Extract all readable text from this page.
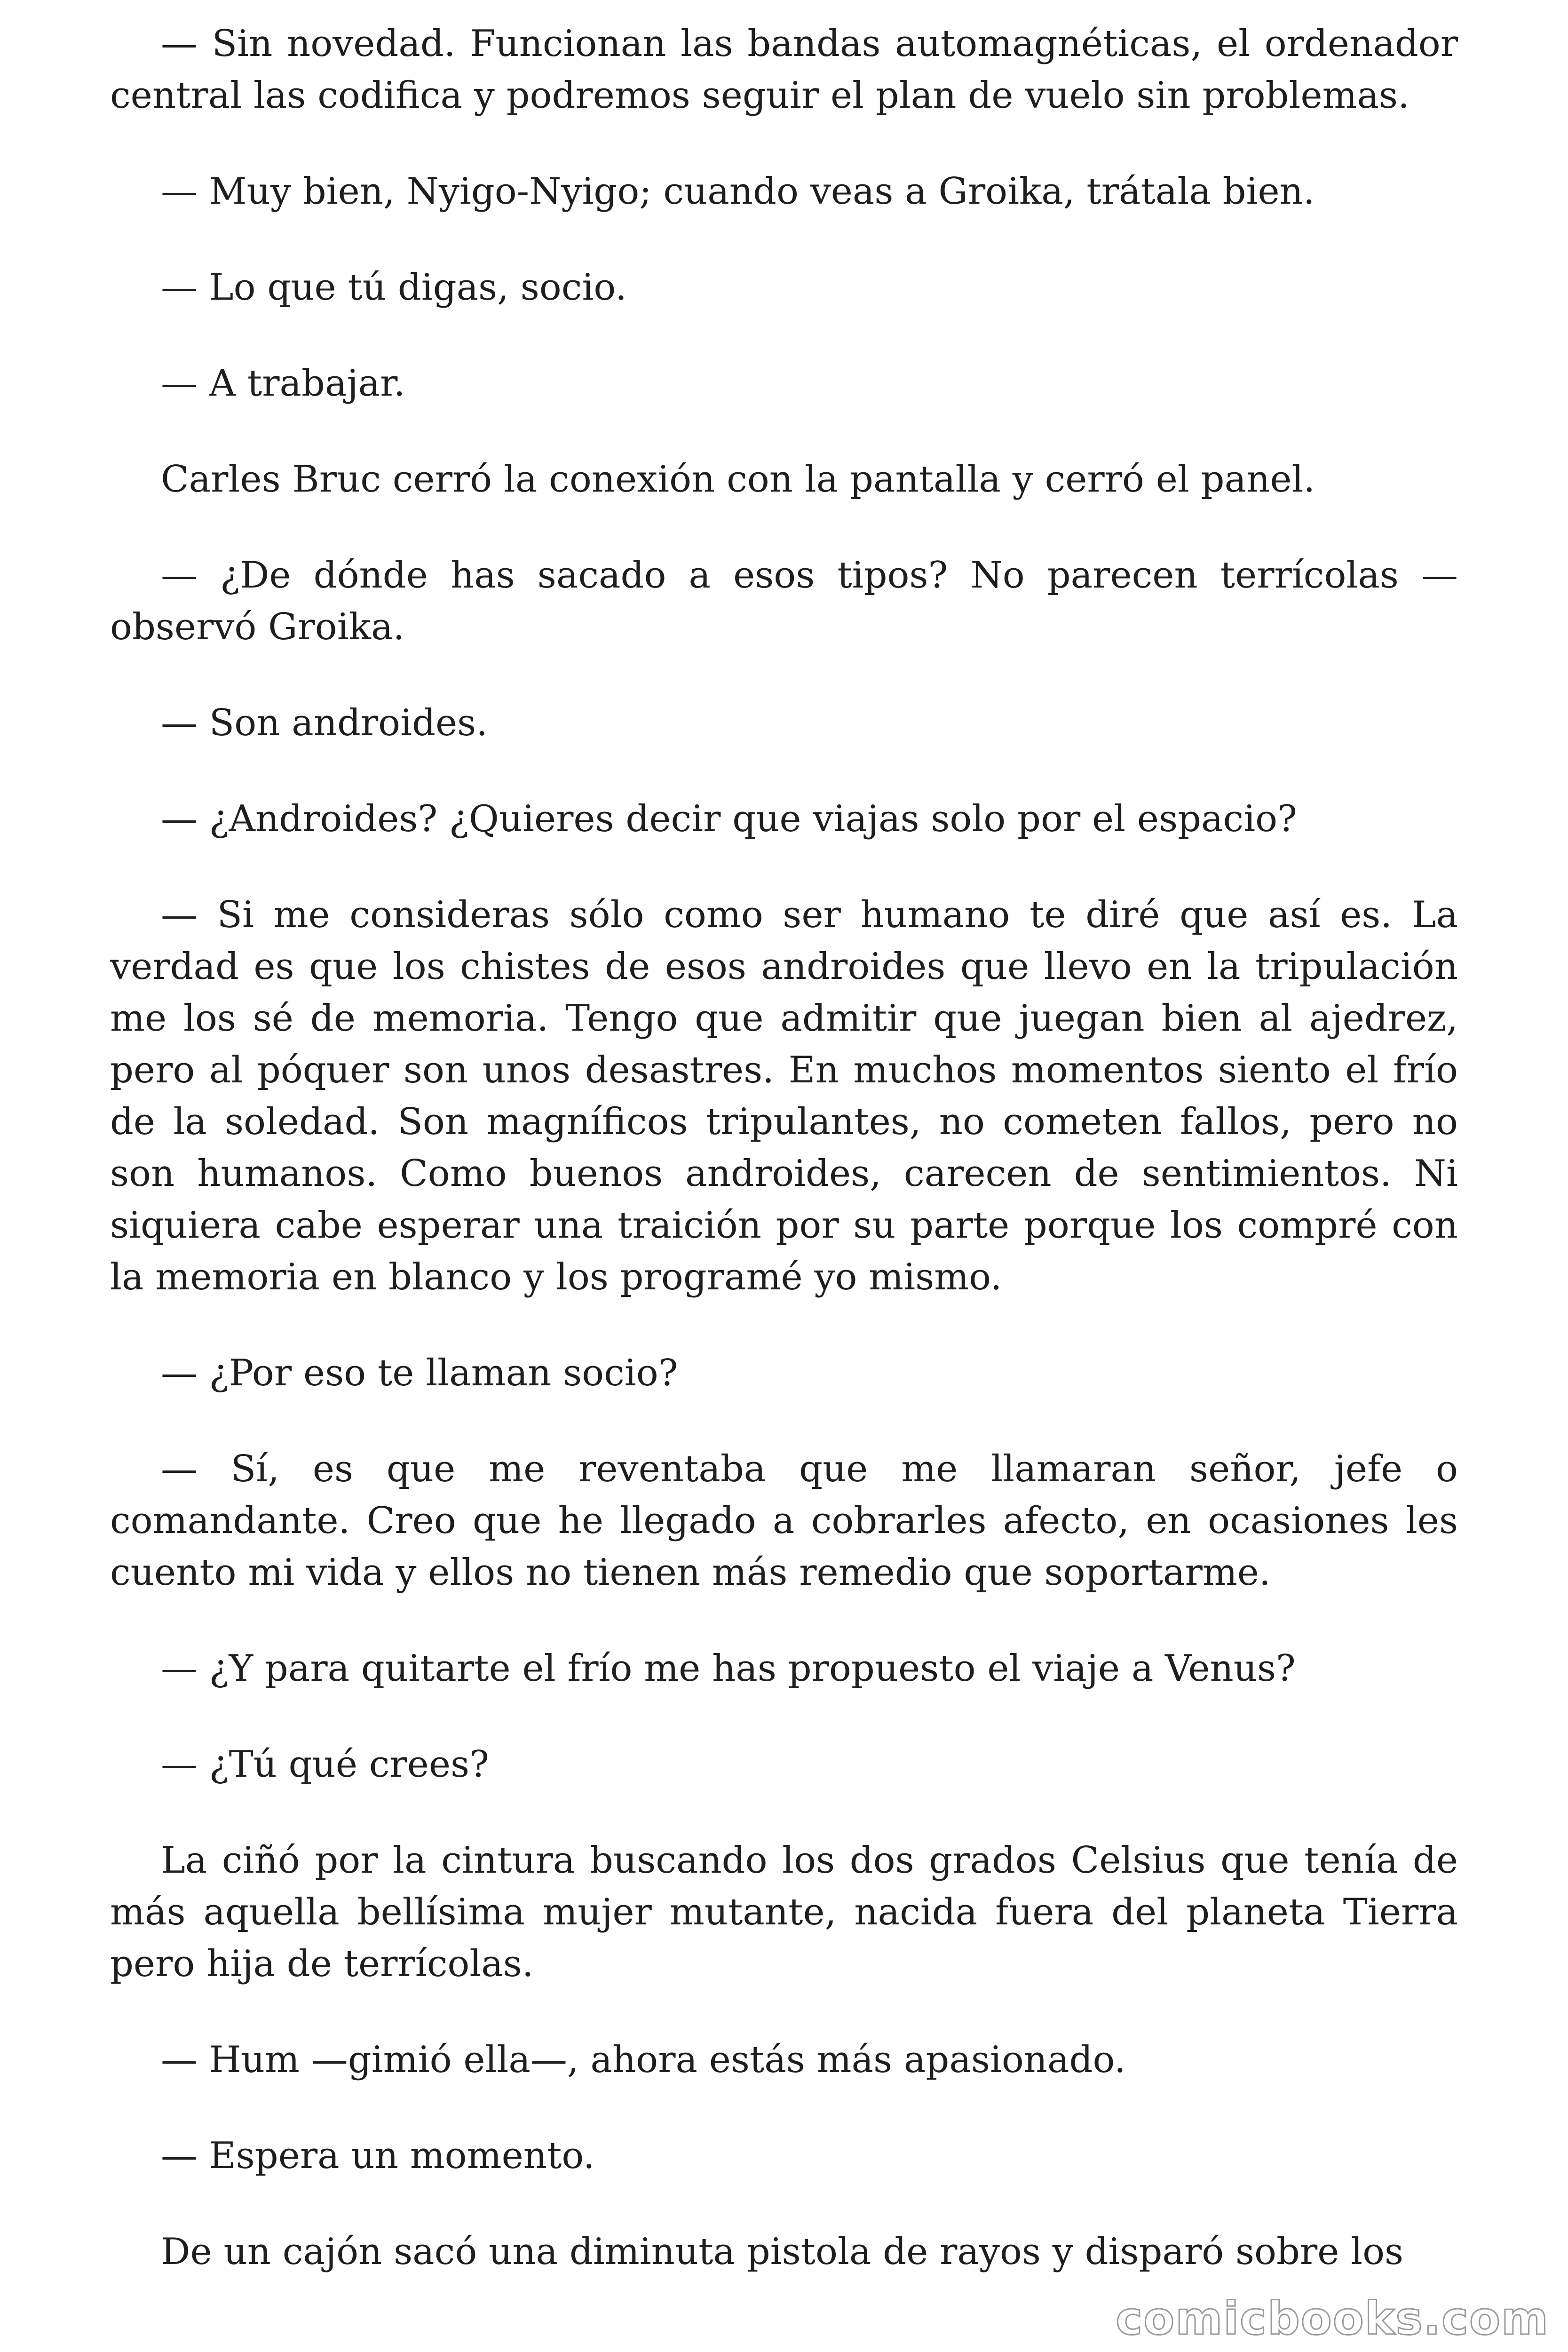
— Sin novedad. Funcionan las bandas automagnéticas, el ordenador central las codifica y podremos seguir el plan de vuelo sin problemas.

— Muy bien, Nyigo-Nyigo; cuando veas a Groika, trátala bien.

— Lo que tú digas, socio.

— A trabajar.

Carles Bruc cerró la conexión con la pantalla y cerró el panel.

— ¿De dónde has sacado a esos tipos? No parecen terrícolas —observó Groika.

— Son androides.

— ¿Androides? ¿Quieres decir que viajas solo por el espacio?

— Si me consideras sólo como ser humano te diré que así es. La verdad es que los chistes de esos androides que llevo en la tripulación me los sé de memoria. Tengo que admitir que juegan bien al ajedrez, pero al póquer son unos desastres. En muchos momentos siento el frío de la soledad. Son magníficos tripulantes, no cometen fallos, pero no son humanos. Como buenos androides, carecen de sentimientos. Ni siquiera cabe esperar una traición por su parte porque los compré con la memoria en blanco y los programé yo mismo.

— ¿Por eso te llaman socio?

— Sí, es que me reventaba que me llamaran señor, jefe o comandante. Creo que he llegado a cobrarles afecto, en ocasiones les cuento mi vida y ellos no tienen más remedio que soportarme.

— ¿Y para quitarte el frío me has propuesto el viaje a Venus?

— ¿Tú qué crees?

La ciñó por la cintura buscando los dos grados Celsius que tenía de más aquella bellísima mujer mutante, nacida fuera del planeta Tierra pero hija de terrícolas.

— Hum —gimió ella—, ahora estás más apasionado.

— Espera un momento.

De un cajón sacó una diminuta pistola de rayos y disparó sobre los

comicbooks.com
